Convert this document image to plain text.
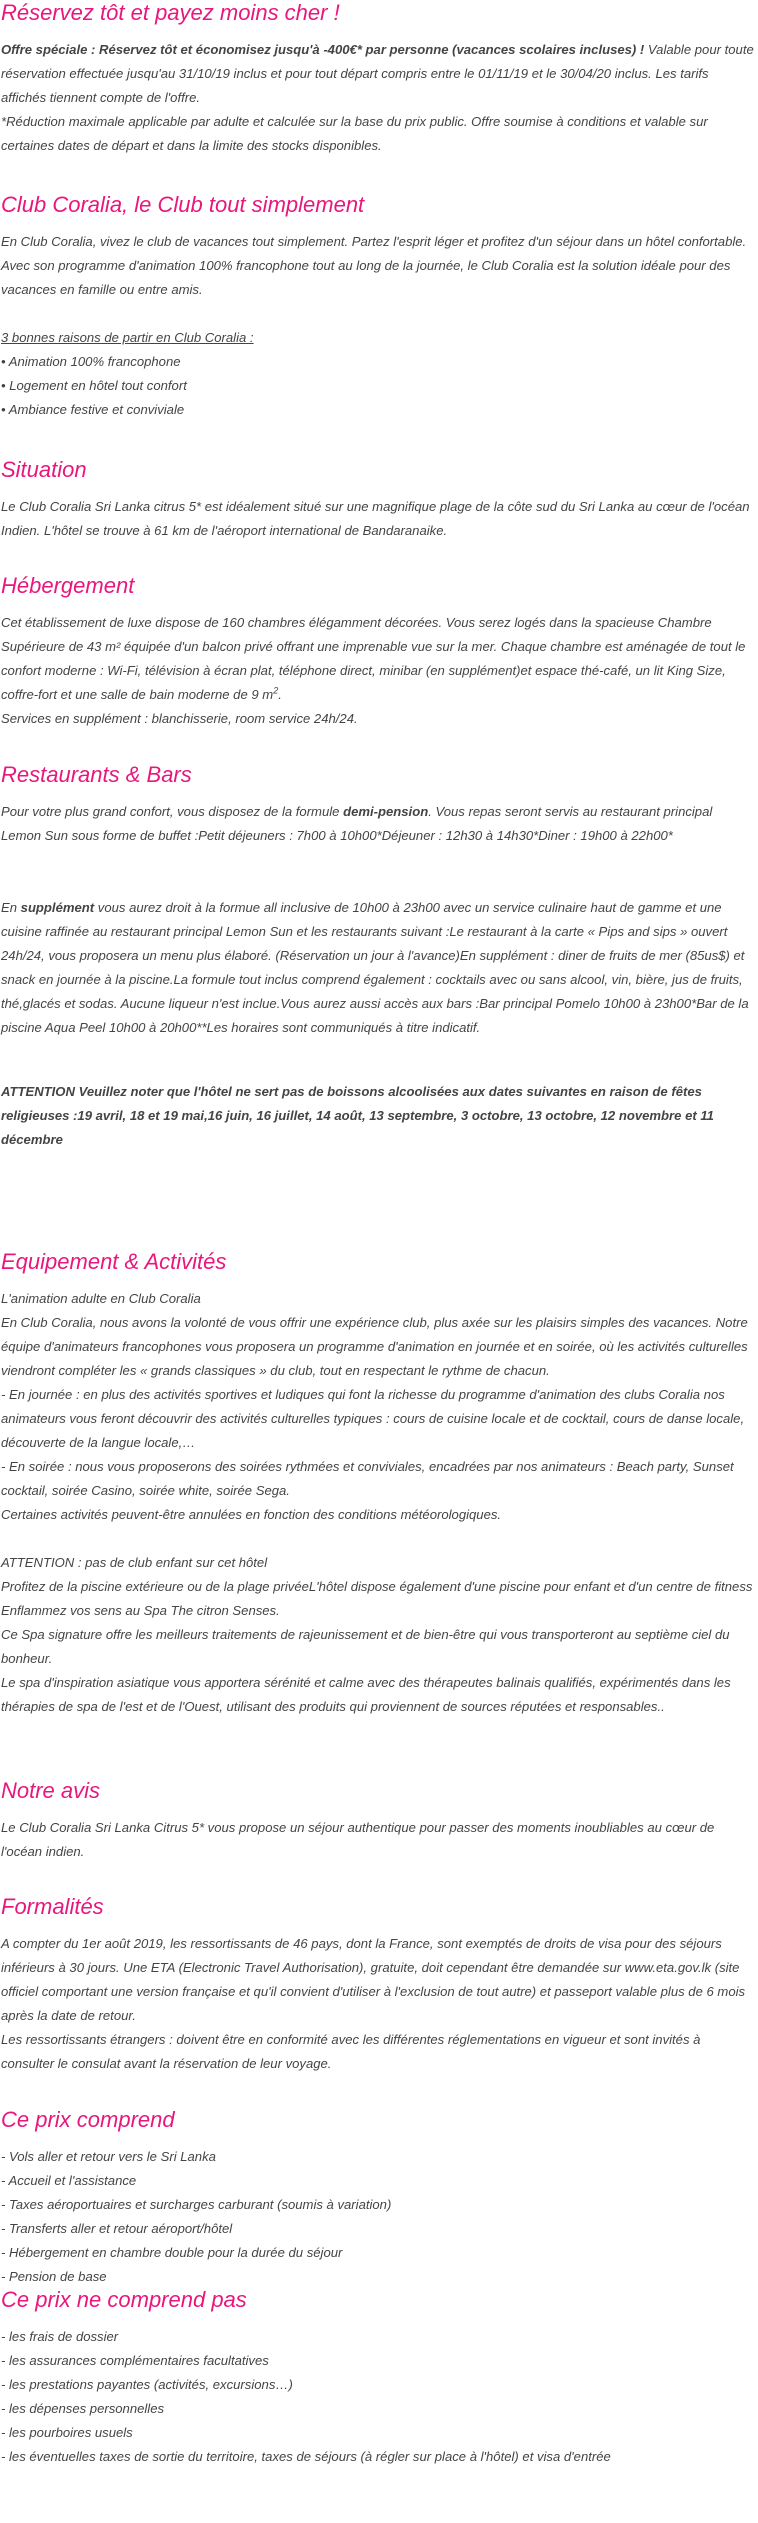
Réservez tôt et payez moins cher !

Offre spéciale : Réservez tôt et économisez jusqu'à -400€* par personne (vacances scolaires incluses) ! Valable pour toute réservation effectuée jusqu'au 31/10/19 inclus et pour tout départ compris entre le 01/11/19 et le 30/04/20 inclus. Les tarifs affichés tiennent compte de l'offre.

*Réduction maximale applicable par adulte et calculée sur la base du prix public. Offre soumise à conditions et valable sur certaines dates de départ et dans la limite des stocks disponibles.

Club Coralia, le Club tout simplement

En Club Coralia, vivez le club de vacances tout simplement. Partez l'esprit léger et profitez d'un séjour dans un hôtel confortable. Avec son programme d'animation 100% francophone tout au long de la journée, le Club Coralia est la solution idéale pour des vacances en famille ou entre amis.

3 bonnes raisons de partir en Club Coralia :

• Animation 100% francophone

• Logement en hôtel tout confort

• Ambiance festive et conviviale

Situation

Le Club Coralia Sri Lanka citrus 5* est idéalement situé sur une magnifique plage de la côte sud du Sri Lanka au cœur de l'océan Indien. L'hôtel se trouve à 61 km de l'aéroport international de Bandaranaike.

Hébergement

Cet établissement de luxe dispose de 160 chambres élégamment décorées. Vous serez logés dans la spacieuse Chambre Supérieure de 43 m² équipée d'un balcon privé offrant une imprenable vue sur la mer. Chaque chambre est aménagée de tout le confort moderne : Wi-Fi, télévision à écran plat, téléphone direct, minibar (en supplément)et espace thé-café, un lit King Size, coffre-fort et une salle de bain moderne de 9 $m^2$.

Services en supplément : blanchisserie, room service 24h/24.

Restaurants & Bars

Pour votre plus grand confort, vous disposez de la formule demi-pension. Vous repas seront servis au restaurant principal Lemon Sun sous forme de buffet :Petit déjeuners : 7h00 à 10h00*Déjeuner : 12h30 à 14h30*Diner : 19h00 à 22h00*

En supplément vous aurez droit à la formue all inclusive de 10h00 à 23h00 avec un service culinaire haut de gamme et une cuisine raffinée au restaurant principal Lemon Sun et les restaurants suivant :Le restaurant à la carte « Pips and sips » ouvert 24h/24, vous proposera un menu plus élaboré. (Réservation un jour à l'avance)En supplément : diner de fruits de mer (85us$) et snack en journée à la piscine.La formule tout inclus comprend également : cocktails avec ou sans alcool, vin, bière, jus de fruits, thé,glacés et sodas. Aucune liqueur n'est inclue.Vous aurez aussi accès aux bars :Bar principal Pomelo 10h00 à 23h00*Bar de la piscine Aqua Peel 10h00 à 20h00**Les horaires sont communiqués à titre indicatif.

ATTENTION Veuillez noter que l'hôtel ne sert pas de boissons alcoolisées aux dates suivantes en raison de fêtes religieuses :19 avril, 18 et 19 mai,16 juin, 16 juillet, 14 août, 13 septembre, 3 octobre, 13 octobre, 12 novembre et 11 décembre

Equipement & Activités

L'animation adulte en Club Coralia

En Club Coralia, nous avons la volonté de vous offrir une expérience club, plus axée sur les plaisirs simples des vacances. Notre équipe d'animateurs francophones vous proposera un programme d'animation en journée et en soirée, où les activités culturelles viendront compléter les « grands classiques » du club, tout en respectant le rythme de chacun.

- En journée : en plus des activités sportives et ludiques qui font la richesse du programme d'animation des clubs Coralia nos animateurs vous feront découvrir des activités culturelles typiques : cours de cuisine locale et de cocktail, cours de danse locale, découverte de la langue locale,…

- En soirée : nous vous proposerons des soirées rythmées et conviviales, encadrées par nos animateurs : Beach party, Sunset cocktail, soirée Casino, soirée white, soirée Sega.

Certaines activités peuvent-être annulées en fonction des conditions météorologiques.

ATTENTION : pas de club enfant sur cet hôtel

Profitez de la piscine extérieure ou de la plage privéeL'hôtel dispose également d'une piscine pour enfant et d'un centre de fitness

Enflammez vos sens au Spa The citron Senses.

Ce Spa signature offre les meilleurs traitements de rajeunissement et de bien-être qui vous transporteront au septième ciel du bonheur.

Le spa d'inspiration asiatique vous apportera sérénité et calme avec des thérapeutes balinais qualifiés, expérimentés dans les thérapies de spa de l'est et de l'Ouest, utilisant des produits qui proviennent de sources réputées et responsables..

Notre avis

Le Club Coralia Sri Lanka Citrus 5* vous propose un séjour authentique pour passer des moments inoubliables au cœur de l'océan indien.

Formalités

A compter du 1er août 2019, les ressortissants de 46 pays, dont la France, sont exemptés de droits de visa pour des séjours inférieurs à 30 jours. Une ETA (Electronic Travel Authorisation), gratuite, doit cependant être demandée sur www.eta.gov.lk (site officiel comportant une version française et qu'il convient d'utiliser à l'exclusion de tout autre) et passeport valable plus de 6 mois après la date de retour.

Les ressortissants étrangers : doivent être en conformité avec les différentes réglementations en vigueur et sont invités à consulter le consulat avant la réservation de leur voyage.

Ce prix comprend

- Vols aller et retour vers le Sri Lanka

- Accueil et l'assistance

- Taxes aéroportuaires et surcharges carburant (soumis à variation)

- Transferts aller et retour aéroport/hôtel

- Hébergement en chambre double pour la durée du séjour

- Pension de base

Ce prix ne comprend pas

- les frais de dossier

- les assurances complémentaires facultatives

- les prestations payantes (activités, excursions…)

- les dépenses personnelles

- les pourboires usuels

- les éventuelles taxes de sortie du territoire, taxes de séjours (à régler sur place à l'hôtel) et visa d'entrée
